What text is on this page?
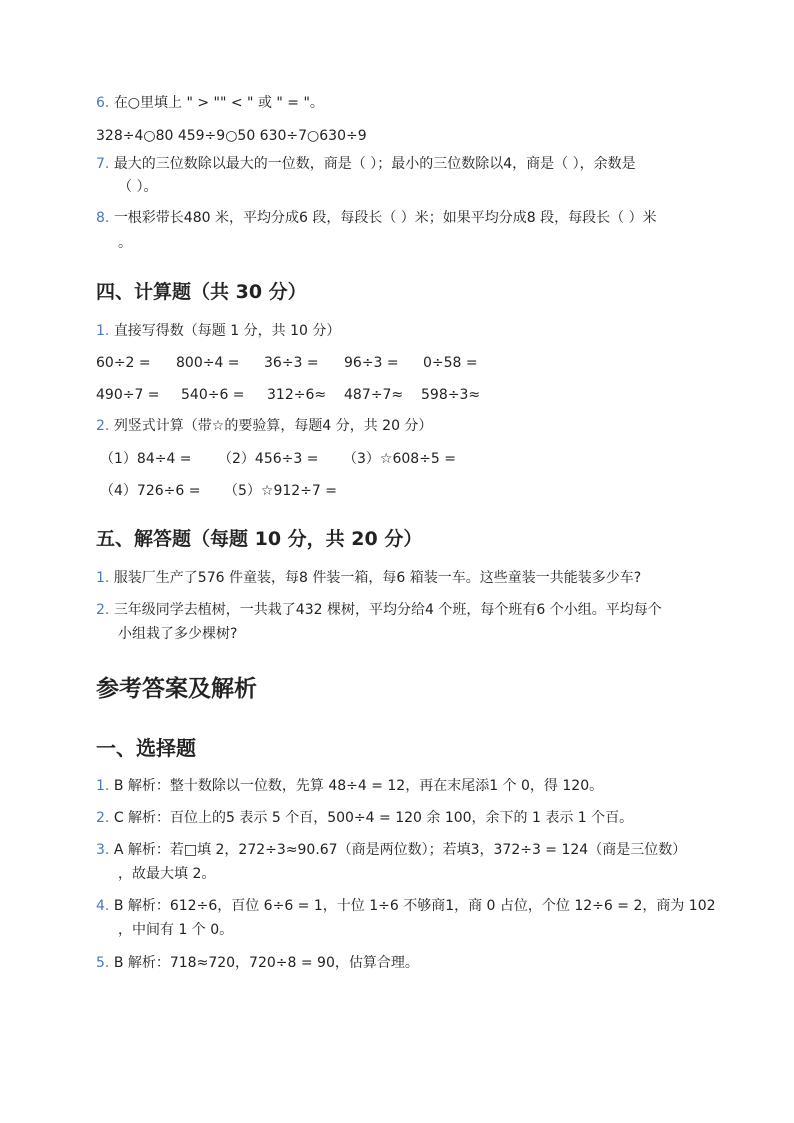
6. 在○里填上 " > "" < " 或 " = "。
328÷4○80 459÷9○50 630÷7○630÷9
7. 最大的三位数除以最大的一位数，商是（ ）；最小的三位数除以4，商是（ ），余数是
（ ）。
8. 一根彩带长480 米，平均分成6 段，每段长（ ）米；如果平均分成8 段，每段长（ ）米
。
四、计算题（共 30 分）
1. 直接写得数（每题 1 分，共 10 分）
60÷2 = 800÷4 = 36÷3 = 96÷3 = 0÷58 =
490÷7 = 540÷6 = 312÷6≈ 487÷7≈ 598÷3≈
2. 列竖式计算（带☆的要验算，每题4 分，共 20 分）
（1）84÷4 = （2）456÷3 = （3）☆608÷5 =
（4）726÷6 = （5）☆912÷7 =
五、解答题（每题 10 分，共 20 分）
1. 服装厂生产了576 件童装，每8 件装一箱，每6 箱装一车。这些童装一共能装多少车?
2. 三年级同学去植树，一共栽了432 棵树，平均分给4 个班，每个班有6 个小组。平均每个
小组栽了多少棵树?
参考答案及解析
一、选择题
1. B 解析：整十数除以一位数，先算 48÷4 = 12，再在末尾添1 个 0，得 120。
2. C 解析：百位上的5 表示 5 个百，500÷4 = 120 余 100，余下的 1 表示 1 个百。
3. A 解析：若□填 2，272÷3≈90.67（商是两位数）；若填3，372÷3 = 124（商是三位数）
，故最大填 2。
4. B 解析：612÷6，百位 6÷6 = 1，十位 1÷6 不够商1，商 0 占位，个位 12÷6 = 2，商为 102
，中间有 1 个 0。
5. B 解析：718≈720，720÷8 = 90，估算合理。
